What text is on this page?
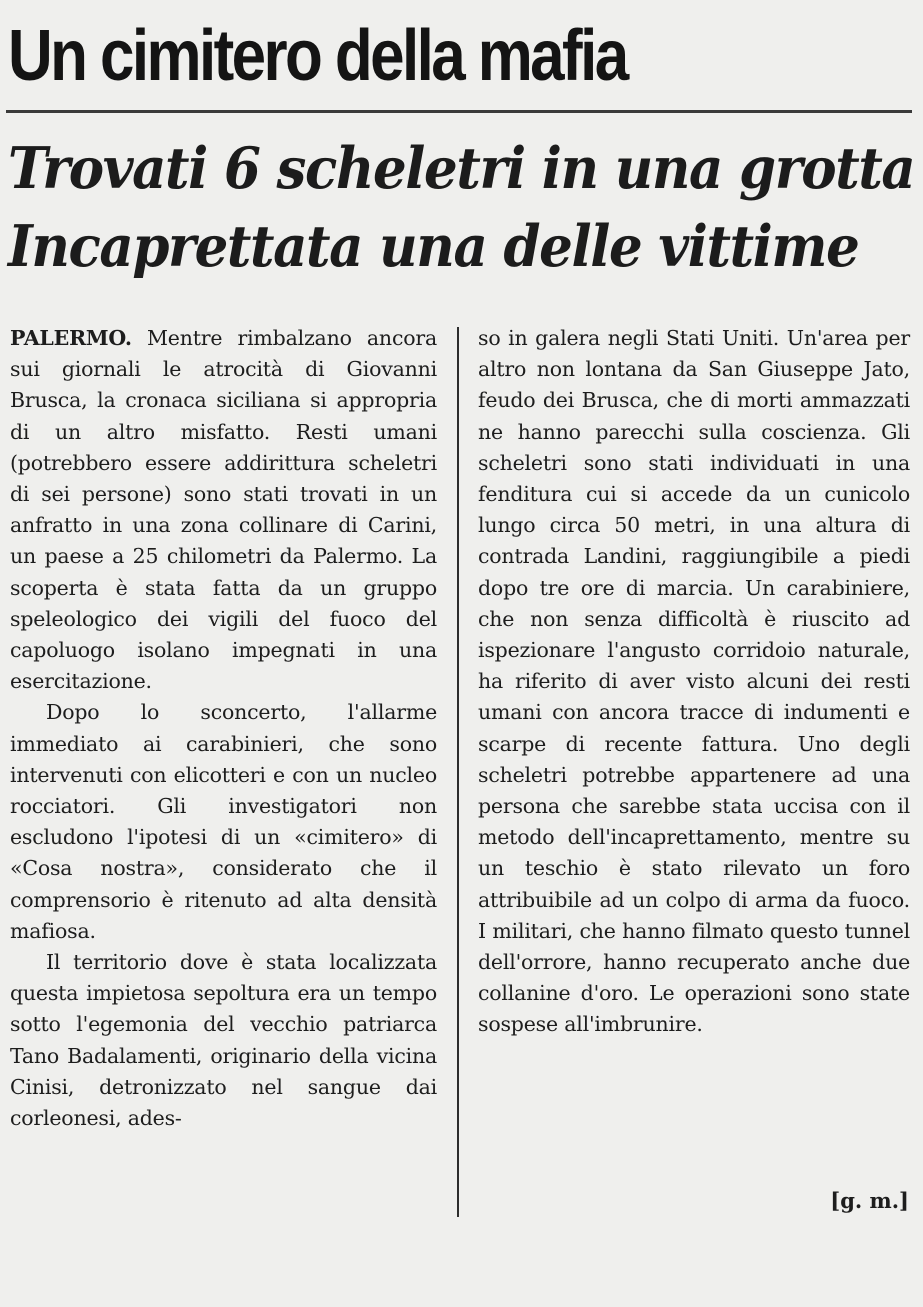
Un cimitero della mafia
Trovati 6 scheletri in una grotta
Incaprettata una delle vittime

PALERMO. Mentre rimbalzano ancora sui giornali le atrocità di Giovanni Brusca, la cronaca siciliana si appropria di un altro misfatto. Resti umani (potrebbero essere addirittura scheletri di sei persone) sono stati trovati in un anfratto in una zona collinare di Carini, un paese a 25 chilometri da Palermo. La scoperta è stata fatta da un gruppo speleologico dei vigili del fuoco del capoluogo isolano impegnati in una esercitazione.

Dopo lo sconcerto, l'allarme immediato ai carabinieri, che sono intervenuti con elicotteri e con un nucleo rocciatori. Gli investigatori non escludono l'ipotesi di un «cimitero» di «Cosa nostra», considerato che il comprensorio è ritenuto ad alta densità mafiosa.

Il territorio dove è stata localizzata questa impietosa sepoltura era un tempo sotto l'egemonia del vecchio patriarca Tano Badalamenti, originario della vicina Cinisi, detronizzato nel sangue dai corleonesi, ades-

so in galera negli Stati Uniti. Un'area per altro non lontana da San Giuseppe Jato, feudo dei Brusca, che di morti ammazzati ne hanno parecchi sulla coscienza. Gli scheletri sono stati individuati in una fenditura cui si accede da un cunicolo lungo circa 50 metri, in una altura di contrada Landini, raggiungibile a piedi dopo tre ore di marcia. Un carabiniere, che non senza difficoltà è riuscito ad ispezionare l'angusto corridoio naturale, ha riferito di aver visto alcuni dei resti umani con ancora tracce di indumenti e scarpe di recente fattura. Uno degli scheletri potrebbe appartenere ad una persona che sarebbe stata uccisa con il metodo dell'incaprettamento, mentre su un teschio è stato rilevato un foro attribuibile ad un colpo di arma da fuoco. I militari, che hanno filmato questo tunnel dell'orrore, hanno recuperato anche due collanine d'oro. Le operazioni sono state sospese all'imbrunire.

[g. m.]
